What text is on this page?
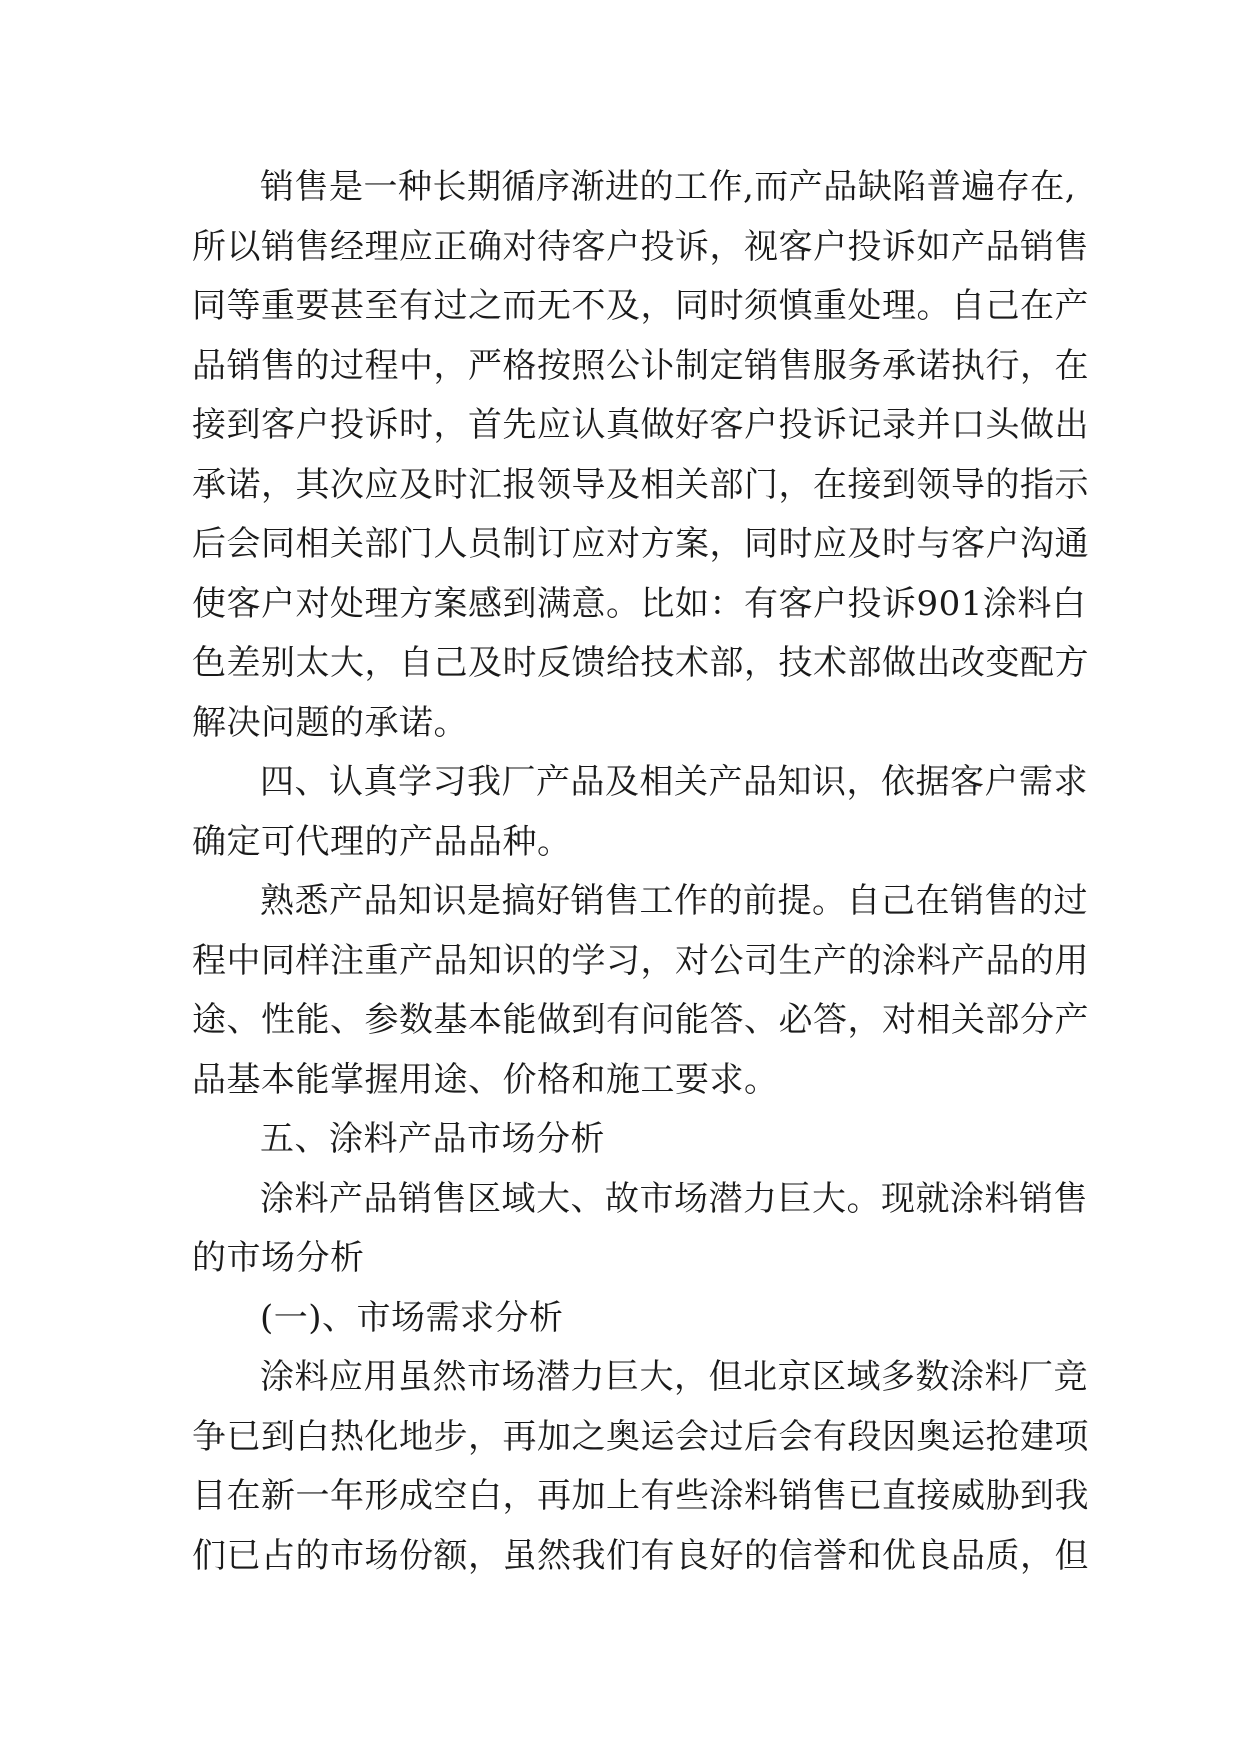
销售是一种长期循序渐进的工作,而产品缺陷普遍存在,
所以销售经理应正确对待客户投诉，视客户投诉如产品销售
同等重要甚至有过之而无不及，同时须慎重处理。自己在产
品销售的过程中，严格按照公讣制定销售服务承诺执行，在
接到客户投诉时，首先应认真做好客户投诉记录并口头做出
承诺，其次应及时汇报领导及相关部门，在接到领导的指示
后会同相关部门人员制订应对方案，同时应及时与客户沟通
使客户对处理方案感到满意。比如：有客户投诉901涂料白
色差别太大，自己及时反馈给技术部，技术部做出改变配方
解决问题的承诺。
四、认真学习我厂产品及相关产品知识，依据客户需求
确定可代理的产品品种。
熟悉产品知识是搞好销售工作的前提。自己在销售的过
程中同样注重产品知识的学习，对公司生产的涂料产品的用
途、性能、参数基本能做到有问能答、必答，对相关部分产
品基本能掌握用途、价格和施工要求。
五、涂料产品市场分析
涂料产品销售区域大、故市场潜力巨大。现就涂料销售
的市场分析
(一)、市场需求分析
涂料应用虽然市场潜力巨大，但北京区域多数涂料厂竞
争已到白热化地步，再加之奥运会过后会有段因奥运抢建项
目在新一年形成空白，再加上有些涂料销售已直接威胁到我
们已占的市场份额，虽然我们有良好的信誉和优良品质，但
